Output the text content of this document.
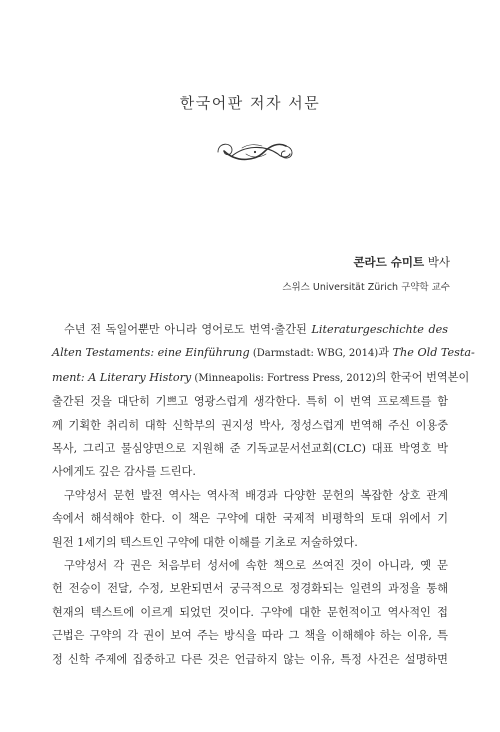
한국어판 저자 서문
콘라드 슈미트 박사
스위스 Universität Zürich 구약학 교수
수년 전 독일어뿐만 아니라 영어로도 번역·출간된 Literaturgeschichte des
Alten Testaments: eine Einführung (Darmstadt: WBG, 2014)과 The Old Testa-
ment: A Literary History (Minneapolis: Fortress Press, 2012)의 한국어 번역본이
출간된 것을 대단히 기쁘고 영광스럽게 생각한다. 특히 이 번역 프로젝트를 함
께 기획한 취리히 대학 신학부의 권지성 박사, 정성스럽게 번역해 주신 이용중
목사, 그리고 물심양면으로 지원해 준 기독교문서선교회(CLC) 대표 박영호 박
사에게도 깊은 감사를 드린다.
구약성서 문헌 발전 역사는 역사적 배경과 다양한 문헌의 복잡한 상호 관계
속에서 해석해야 한다. 이 책은 구약에 대한 국제적 비평학의 토대 위에서 기
원전 1세기의 텍스트인 구약에 대한 이해를 기초로 저술하였다.
구약성서 각 권은 처음부터 성서에 속한 책으로 쓰여진 것이 아니라, 옛 문
헌 전승이 전달, 수정, 보완되면서 궁극적으로 정경화되는 일련의 과정을 통해
현재의 텍스트에 이르게 되었던 것이다. 구약에 대한 문헌적이고 역사적인 접
근법은 구약의 각 권이 보여 주는 방식을 따라 그 책을 이해해야 하는 이유, 특
정 신학 주제에 집중하고 다른 것은 언급하지 않는 이유, 특정 사건은 설명하면
